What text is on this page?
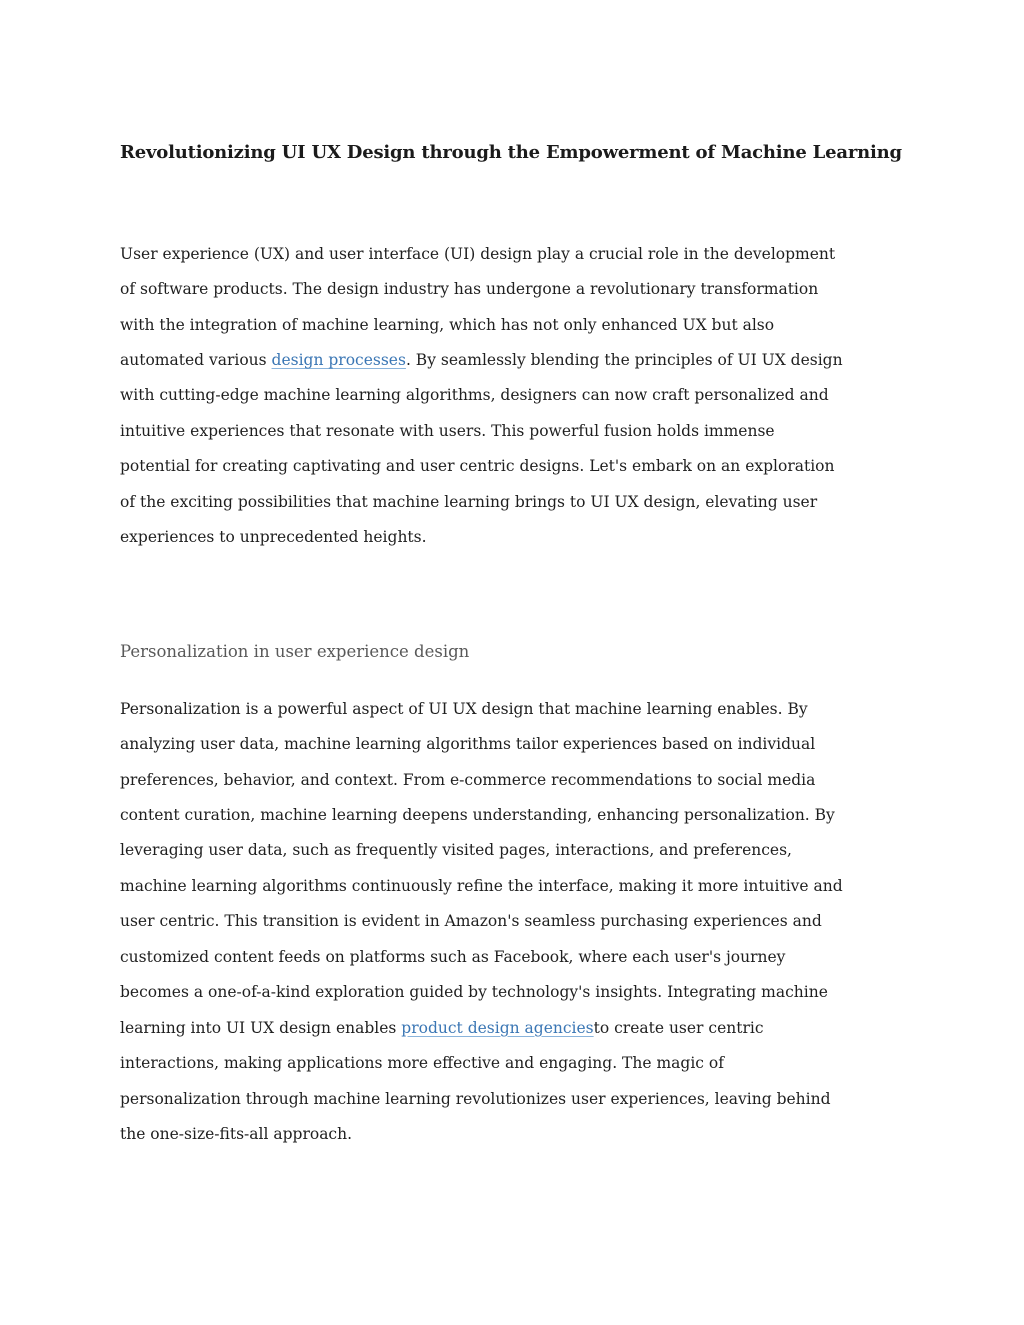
Revolutionizing UI UX Design through the Empowerment of Machine Learning
User experience (UX) and user interface (UI) design play a crucial role in the development
of software products. The design industry has undergone a revolutionary transformation
with the integration of machine learning, which has not only enhanced UX but also
automated various design processes . By seamlessly blending the principles of UI UX design
with cutting-edge machine learning algorithms, designers can now craft personalized and
intuitive experiences that resonate with users. This powerful fusion holds immense
potential for creating captivating and user centric designs. Let's embark on an exploration
of the exciting possibilities that machine learning brings to UI UX design, elevating user
experiences to unprecedented heights.
Personalization in user experience design
Personalization is a powerful aspect of UI UX design that machine learning enables. By
analyzing user data, machine learning algorithms tailor experiences based on individual
preferences, behavior, and context. From e-commerce recommendations to social media
content curation, machine learning deepens understanding, enhancing personalization. By
leveraging user data, such as frequently visited pages, interactions, and preferences,
machine learning algorithms continuously refine the interface, making it more intuitive and
user centric. This transition is evident in Amazon's seamless purchasing experiences and
customized content feeds on platforms such as Facebook, where each user's journey
becomes a one-of-a-kind exploration guided by technology's insights. Integrating machine
learning into UI UX design enables product design agencies to create user centric
interactions, making applications more effective and engaging. The magic of
personalization through machine learning revolutionizes user experiences, leaving behind
the one-size-fits-all approach.
